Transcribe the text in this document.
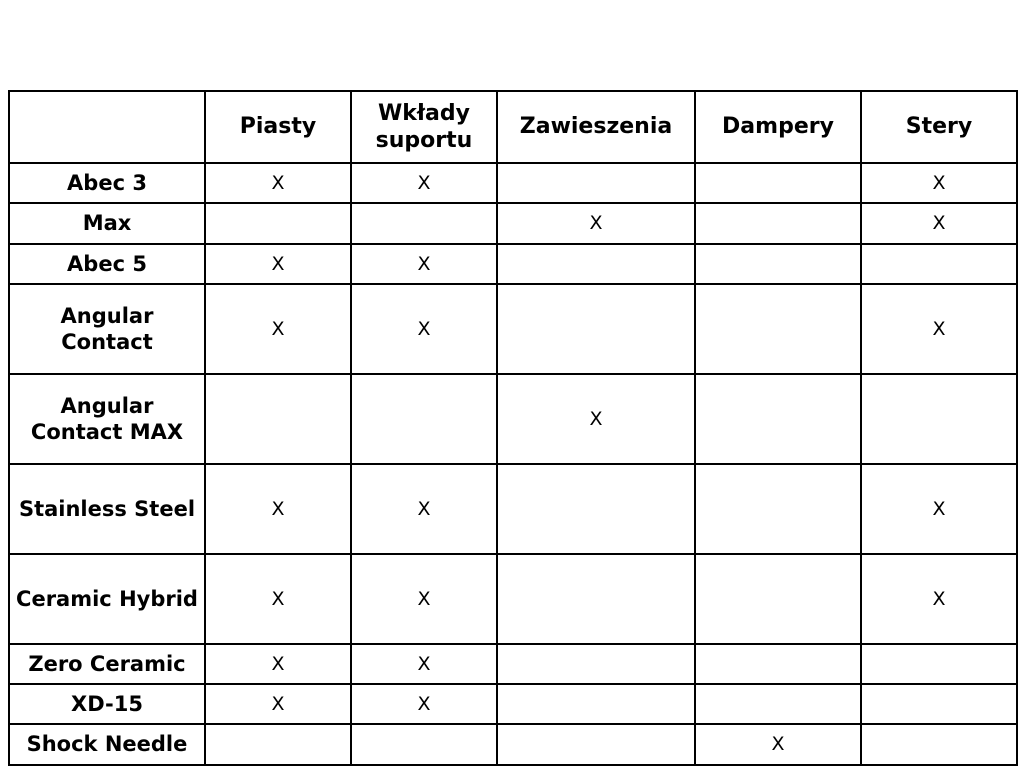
	Piasty	Wkłady suportu	Zawieszenia	Dampery	Stery
Abec 3	X	X			X
Max			X		X
Abec 5	X	X			
Angular Contact	X	X			X
Angular Contact MAX			X		
Stainless Steel	X	X			X
Ceramic Hybrid	X	X			X
Zero Ceramic	X	X			
XD-15	X	X			
Shock Needle				X	
